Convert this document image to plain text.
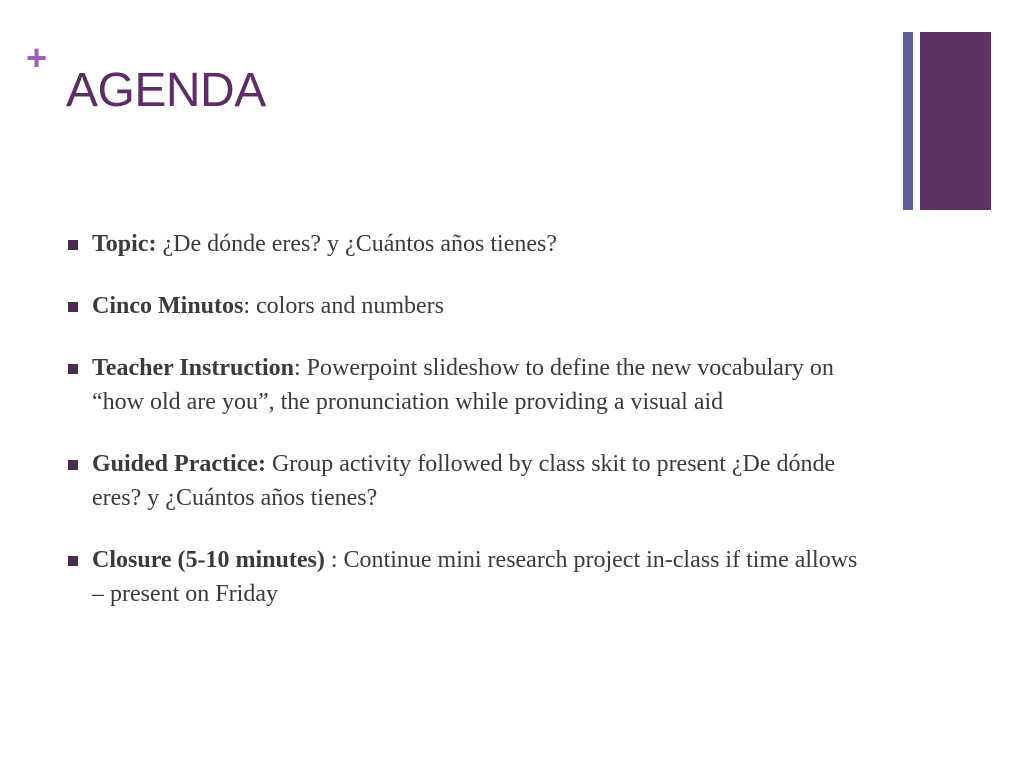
+
AGENDA
Topic: ¿De dónde eres? y ¿Cuántos años tienes?
Cinco Minutos: colors and numbers
Teacher Instruction: Powerpoint slideshow to define the new vocabulary on “how old are you”, the pronunciation while providing a visual aid
Guided Practice: Group activity followed by class skit to present ¿De dónde eres? y ¿Cuántos años tienes?
Closure (5-10 minutes) : Continue mini research project in-class if time allows – present on Friday
